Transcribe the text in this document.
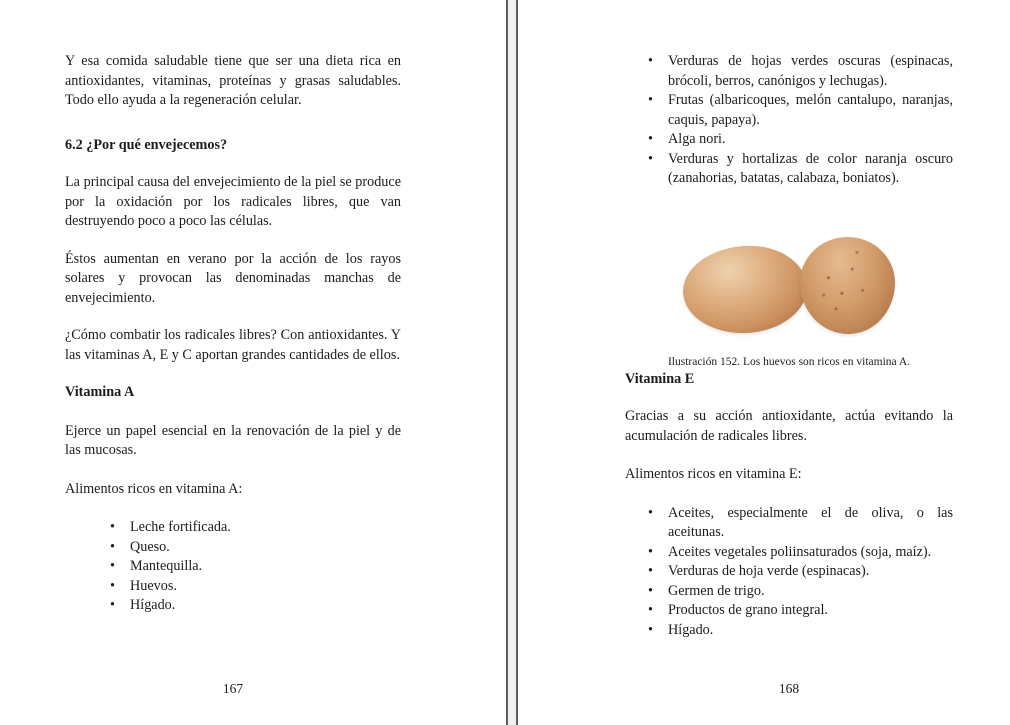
Y esa comida saludable tiene que ser una dieta rica en antioxidantes, vitaminas, proteínas y grasas saludables. Todo ello ayuda a la regeneración celular.

6.2 ¿Por qué envejecemos?

La principal causa del envejecimiento de la piel se produce por la oxidación por los radicales libres, que van destruyendo poco a poco las células.

Éstos aumentan en verano por la acción de los rayos solares y provocan las denominadas manchas de envejecimiento.

¿Cómo combatir los radicales libres? Con antioxidantes. Y las vitaminas A, E y C aportan grandes cantidades de ellos.

Vitamina A

Ejerce un papel esencial en la renovación de la piel y de las mucosas.

Alimentos ricos en vitamina A:

•	Leche fortificada.
•	Queso.
•	Mantequilla.
•	Huevos.
•	Hígado.
167
•	Verduras de hojas verdes oscuras (espinacas, brócoli, berros, canónigos y lechugas).
•	Frutas (albaricoques, melón cantalupo, naranjas, caquis, papaya).
•	Alga nori.
•	Verduras y hortalizas de color naranja oscuro (zanahorias, batatas, calabaza, boniatos).

Ilustración 152. Los huevos son ricos en vitamina A.

Vitamina E

Gracias a su acción antioxidante, actúa evitando la acumulación de radicales libres.

Alimentos ricos en vitamina E:

•	Aceites, especialmente el de oliva, o las aceitunas.
•	Aceites vegetales poliinsaturados (soja, maíz).
•	Verduras de hoja verde (espinacas).
•	Germen de trigo.
•	Productos de grano integral.
•	Hígado.
168
